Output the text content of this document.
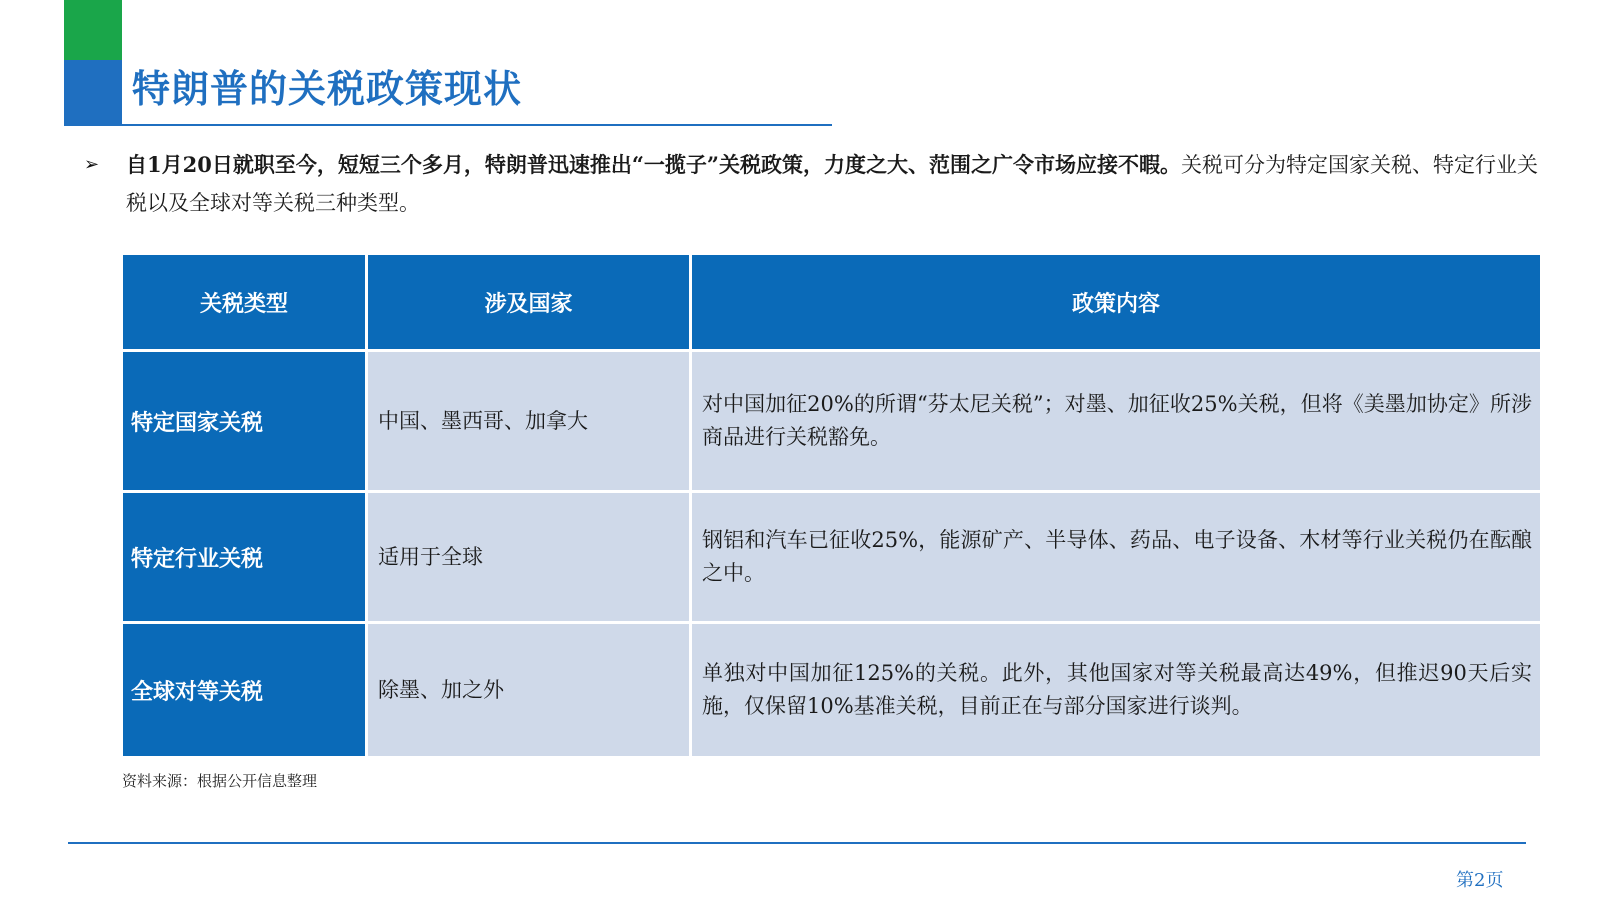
特朗普的关税政策现状
➢ 自1月20日就职至今，短短三个多月，特朗普迅速推出“一揽子”关税政策，力度之大、范围之广令市场应接不暇。关税可分为特定国家关税、特定行业关税以及全球对等关税三种类型。

关税类型	涉及国家	政策内容
特定国家关税	中国、墨西哥、加拿大	对中国加征20%的所谓“芬太尼关税”；对墨、加征收25%关税，但将《美墨加协定》所涉商品进行关税豁免。
特定行业关税	适用于全球	钢铝和汽车已征收25%，能源矿产、半导体、药品、电子设备、木材等行业关税仍在酝酿之中。
全球对等关税	除墨、加之外	单独对中国加征125%的关税。此外，其他国家对等关税最高达49%，但推迟90天后实施，仅保留10%基准关税，目前正在与部分国家进行谈判。

资料来源：根据公开信息整理

第2页
